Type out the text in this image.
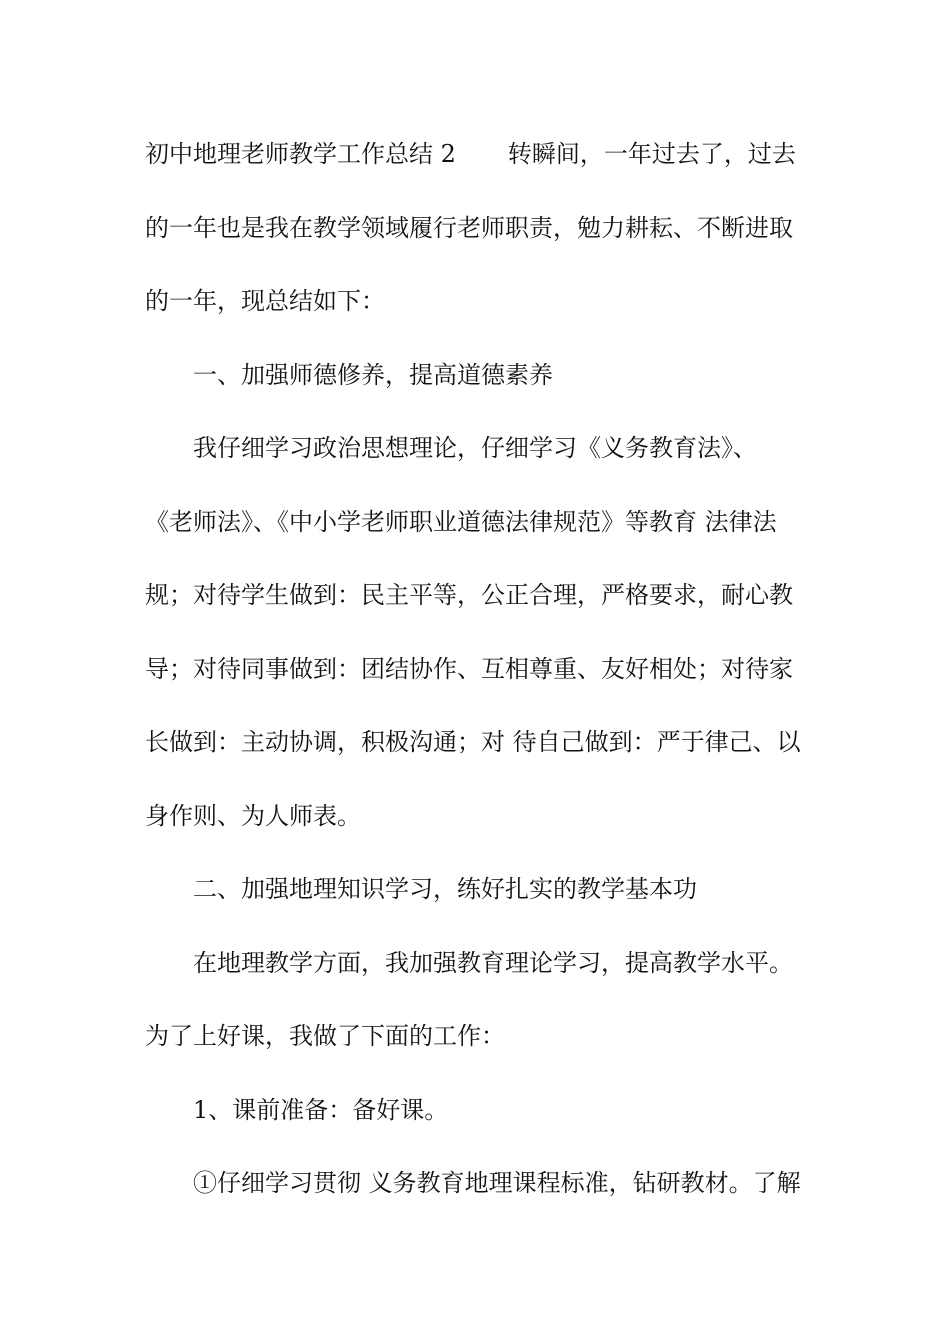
初中地理老师教学工作总结 2 转瞬间，一年过去了，过去
的一年也是我在教学领域履行老师职责，勉力耕耘、不断进取
的一年，现总结如下：
一、加强师德修养，提高道德素养
我仔细学习政治思想理论，仔细学习《义务教育法》、
《老师法》、《中小学老师职业道德法律规范》等教育 法律法
规；对待学生做到：民主平等，公正合理，严格要求，耐心教
导；对待同事做到：团结协作、互相尊重、友好相处；对待家
长做到：主动协调，积极沟通；对 待自己做到：严于律己、以
身作则、为人师表。
二、加强地理知识学习，练好扎实的教学基本功
在地理教学方面，我加强教育理论学习，提高教学水平。
为了上好课，我做了下面的工作：
1、课前准备：备好课。
①仔细学习贯彻 义务教育地理课程标准，钻研教材。了解
